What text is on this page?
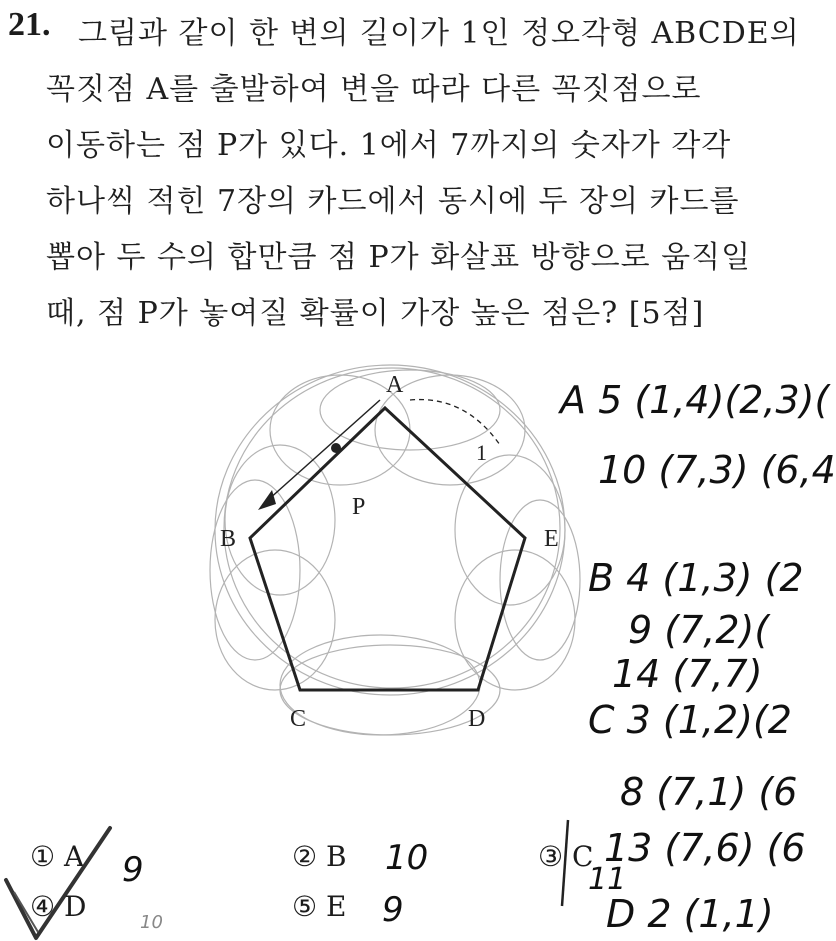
21. 그림과 같이 한 변의 길이가 1인 정오각형 ABCDE의
꼭짓점 A를 출발하여 변을 따라 다른 꼭짓점으로
이동하는 점 P가 있다. 1에서 7까지의 숫자가 각각
하나씩 적힌 7장의 카드에서 동시에 두 장의 카드를
뽑아 두 수의 합만큼 점 P가 화살표 방향으로 움직일
때, 점 P가 놓여질 확률이 가장 높은 점은? [5점]
A
B
C	D
E
P
1
① A	② B	③ C
④ D	⑤ E
9	10
10	9
11
A 5 (1,4)(2,3)(
10 (7,3) (6,4
B 4 (1,3) (2
9 (7,2)(
14 (7,7)
C 3 (1,2)(2
8 (7,1) (6
13 (7,6) (6
D 2 (1,1)
